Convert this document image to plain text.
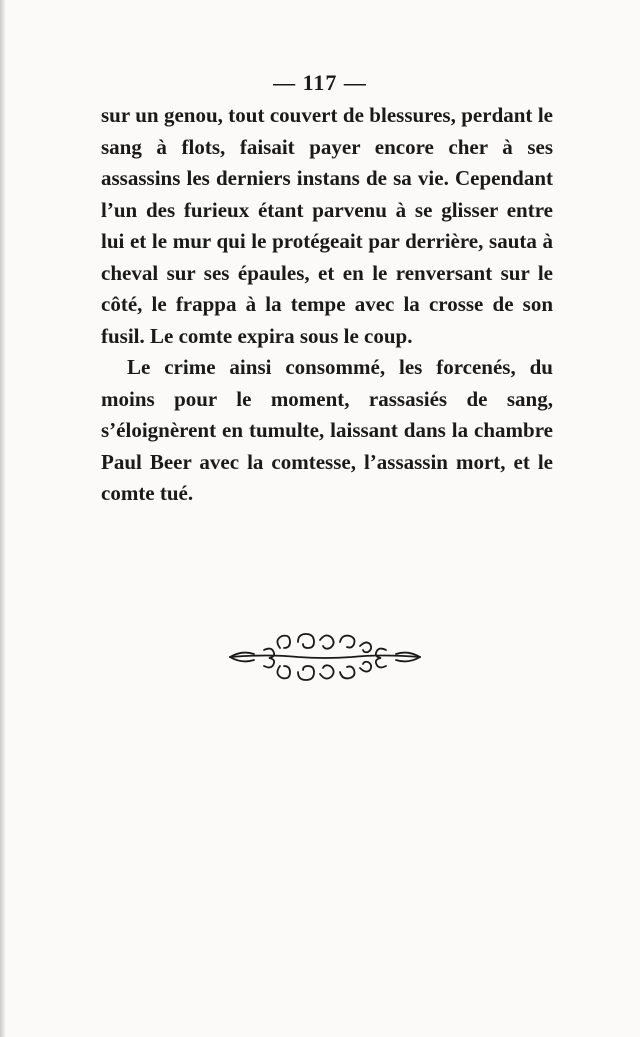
— 117 —

sur un genou, tout couvert de blessures, perdant le sang à flots, faisait payer encore cher à ses assassins les derniers instans de sa vie. Cependant l’un des furieux étant parvenu à se glisser entre lui et le mur qui le protégeait par derrière, sauta à cheval sur ses épaules, et en le renversant sur le côté, le frappa à la tempe avec la crosse de son fusil. Le comte expira sous le coup.

Le crime ainsi consommé, les forcenés, du moins pour le moment, rassasiés de sang, s’éloignèrent en tumulte, laissant dans la chambre Paul Beer avec la comtesse, l’assassin mort, et le comte tué.
